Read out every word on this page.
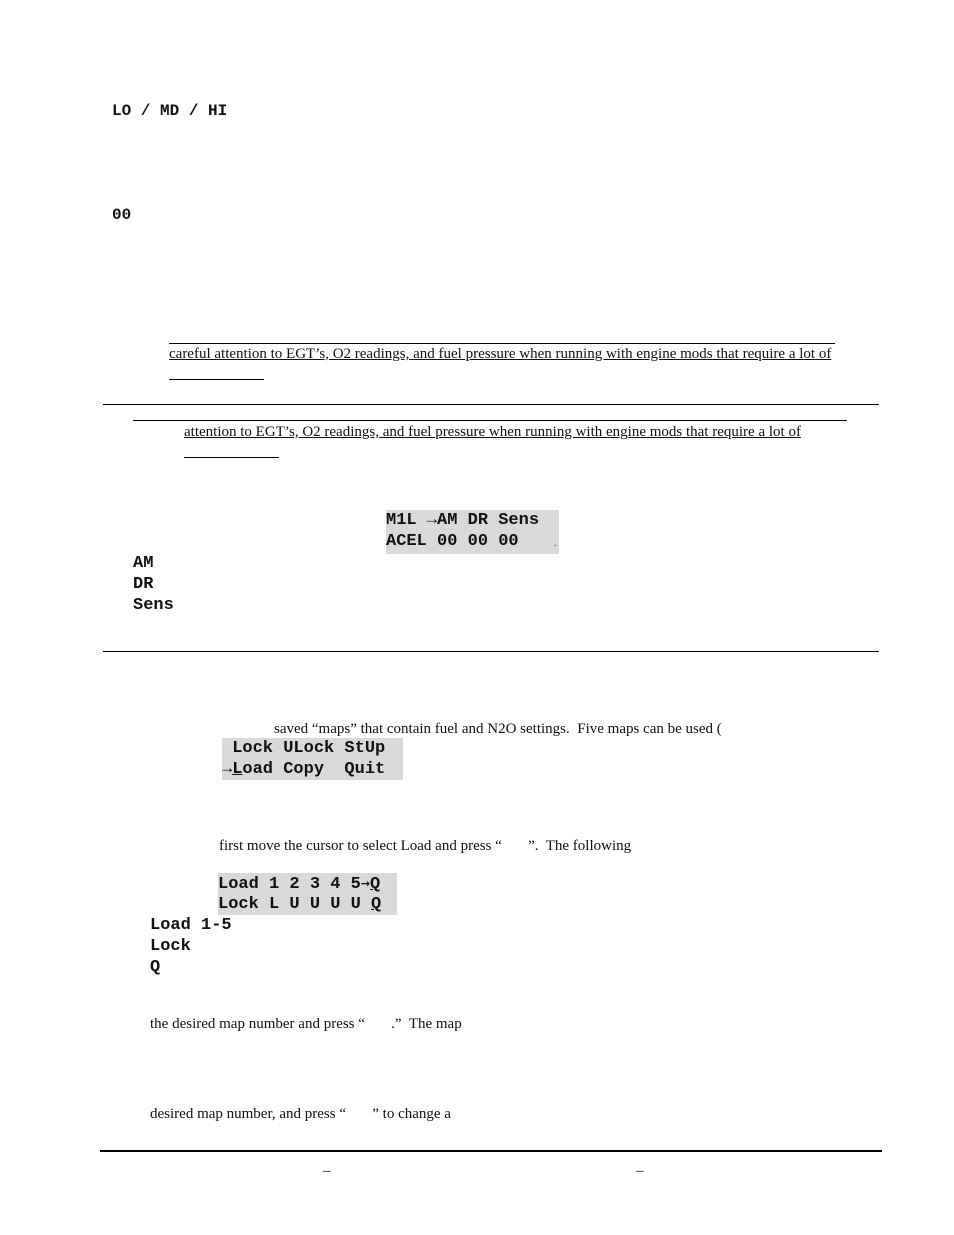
LO / MD / HI
00
careful attention to EGT’s, O2 readings, and fuel pressure when running with engine mods that require a lot of
attention to EGT’s, O2 readings, and fuel pressure when running with engine mods that require a lot of
M1L →AM DR Sens
ACEL 00 00 00	.
AM
DR
Sens
saved “maps” that contain fuel and N2O settings.  Five maps can be used (
Lock ULock StUp
→Load Copy  Quit
first move the cursor to select Load and press “       ”.  The following
Load 1 2 3 4 5→Q
Lock L U U U U Q
Load 1-5
Lock
Q
the desired map number and press “       .”  The map
desired map number, and press “       ” to change a
–	–
